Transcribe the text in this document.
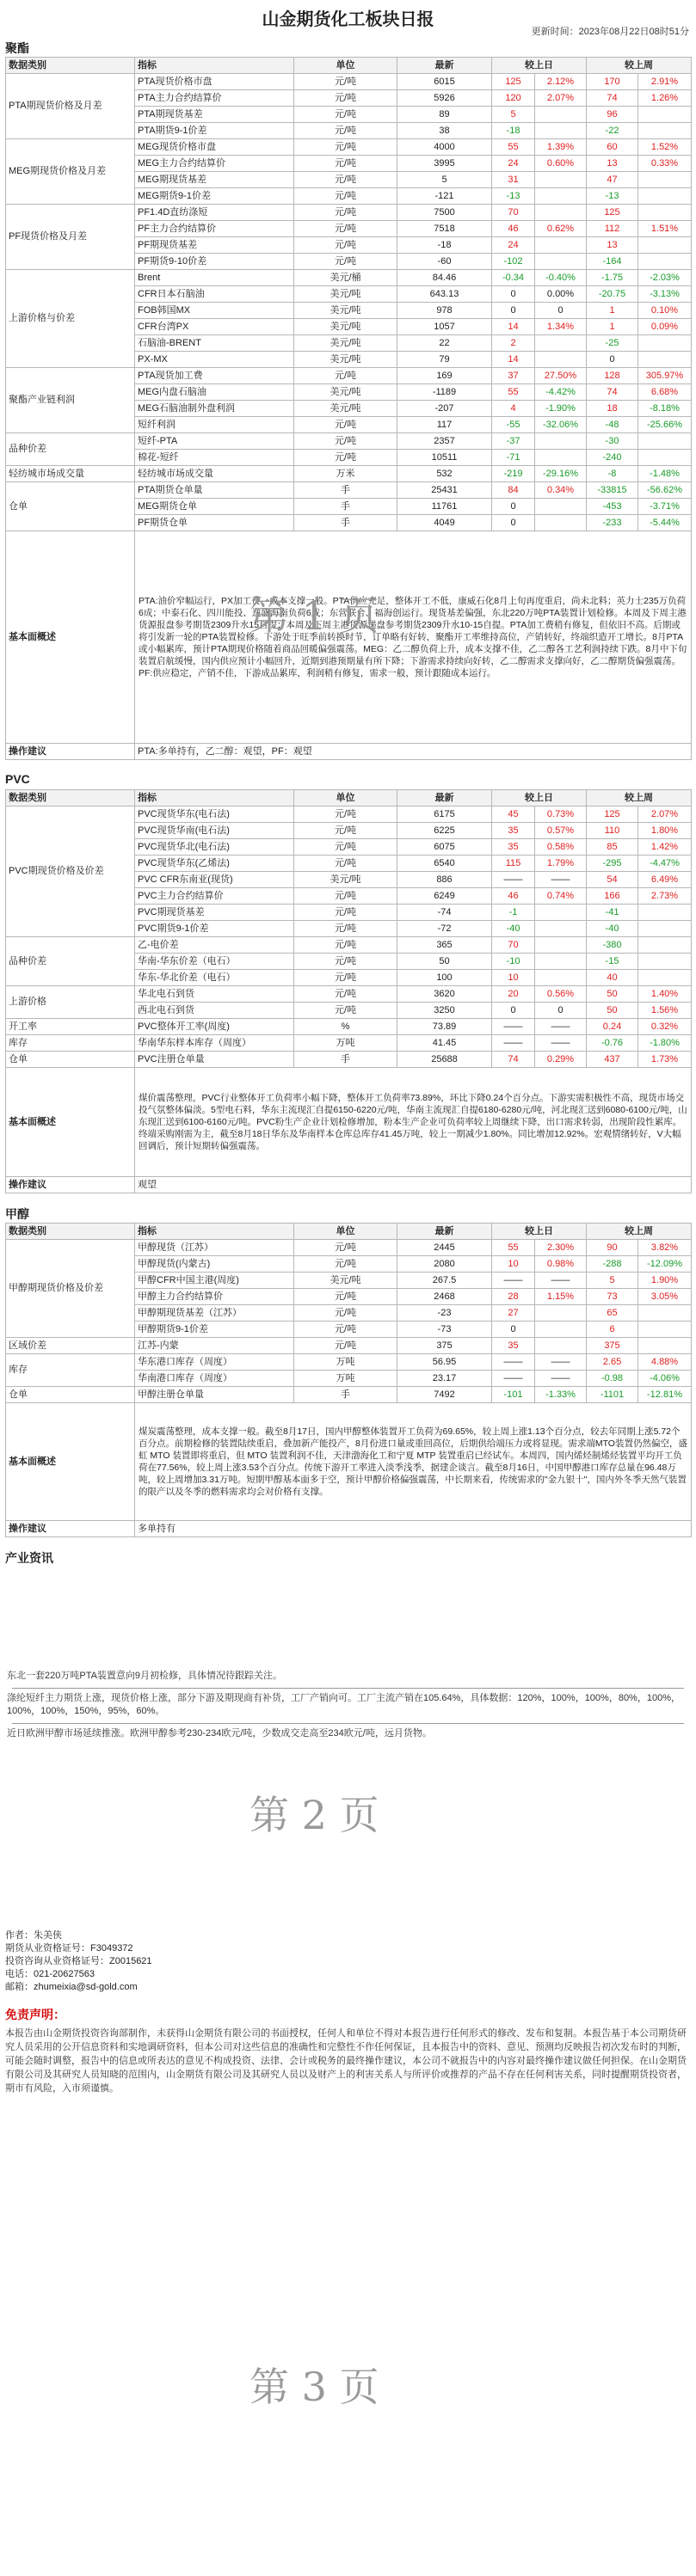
山金期货化工板块日报
更新时间：2023年08月22日08时51分
聚酯
数据类别	指标	单位	最新	较上日		较上周	
PTA期现货价格及月差	PTA现货价格市盘	元/吨	6015	125	2.12%	170	2.91%
	PTA主力合约结算价	元/吨	5926	120	2.07%	74	1.26%
	PTA期现货基差	元/吨	89	5		96	
	PTA期货9-1价差	元/吨	38	-18		-22	
MEG期现货价格及月差	MEG现货价格市盘	元/吨	4000	55	1.39%	60	1.52%
	MEG主力合约结算价	元/吨	3995	24	0.60%	13	0.33%
	MEG期现货基差	元/吨	5	31		47	
	MEG期货9-1价差	元/吨	-121	-13		-13	
PF现货价格及月差	PF1.4D直纺涤短	元/吨	7500	70		125	
	PF主力合约结算价	元/吨	7518	46	0.62%	112	1.51%
	PF期现货基差	元/吨	-18	24		13	
	PF期货9-10价差	元/吨	-60	-102		-164	
上游价格与价差	Brent	美元/桶	84.46	-0.34	-0.40%	-1.75	-2.03%
	CFR日本石脑油	美元/吨	643.13	0	0.00%	-20.75	-3.13%
	FOB韩国MX	美元/吨	978	0	0	1	0.10%
	CFR台湾PX	美元/吨	1057	14	1.34%	1	0.09%
	石脑油-BRENT	美元/吨	22	2		-25	
	PX-MX	美元/吨	79	14		0	
聚酯产业链利润	PTA现货加工费	元/吨	169	37	27.50%	128	305.97%
	MEG内盘石脑油	美元/吨	-1189	55	-4.42%	74	6.68%
	MEG石脑油制外盘利润	美元/吨	-207	4	-1.90%	18	-8.18%
	短纤利润	元/吨	117	-55	-32.06%	-48	-25.66%
品种价差	短纤-PTA	元/吨	2357	-37		-30	
	棉花-短纤	元/吨	10511	-71		-240	
轻纺城市场成交量	轻纺城市场成交量	万米	532	-219	-29.16%	-8	-1.48%
仓单	PTA期货仓单量	手	25431	84	0.34%	-33815	-56.62%
	MEG期货仓单	手	11761	0		-453	-3.71%
	PF期货仓单	手	4049	0		-233	-5.44%
基本面概述	PTA:油价窄幅运行，PX加工费，成本支撑一般。PTA供应充足，整体开工不低，康威石化8月上旬再度重启，尚未北料；英力士235万负荷6成；中泰石化、四川能投、逸盛海南负荷6成；东营联合、福海创运行。现货基差偏强，东北220万吨PTA装置计划检修。本周及下周主港货源报盘参考期货2309升水15自提；本周及下周主港货源递盘参考期货2309升水10-15自提。PTA加工费稍有修复，但依旧不高。后期或将引发新一轮的PTA装置检修。下游处于旺季前转换时节，订单略有好转，聚酯开工率维持高位，产销转好，终端织造开工增长。8月PTA或小幅累库，预计PTA期现价格随着商品回暖偏强震荡。MEG：乙二醇负荷上升，成本支撑不佳，乙二醇各工艺利润持续下跌。8月中下旬装置启航缓慢，国内供应预计小幅回升，近期到港预期量有所下降；下游需求持续向好转，乙二醇需求支撑向好，乙二醇期货偏强震荡。PF:供应稳定，产销不佳，下游成品累库，利润稍有修复，需求一般，预计跟随成本运行。						
操作建议	PTA:多单持有，乙二醇：观望，PF：观望						
PVC
数据类别	指标	单位	最新	较上日		较上周	
PVC期现货价格及价差	PVC现货华东(电石法)	元/吨	6175	45	0.73%	125	2.07%
	PVC现货华南(电石法)	元/吨	6225	35	0.57%	110	1.80%
	PVC现货华北(电石法)	元/吨	6075	35	0.58%	85	1.42%
	PVC现货华东(乙烯法)	元/吨	6540	115	1.79%	-295	-4.47%
	PVC CFR东南亚(现货)	美元/吨	886	——	——	54	6.49%
	PVC主力合约结算价	元/吨	6249	46	0.74%	166	2.73%
	PVC期现货基差	元/吨	-74	-1		-41	
	PVC期货9-1价差	元/吨	-72	-40		-40	
品种价差	乙-电价差	元/吨	365	70		-380	
	华南-华东价差（电石）	元/吨	50	-10		-15	
	华东-华北价差（电石）	元/吨	100	10		40	
上游价格	华北电石到货	元/吨	3620	20	0.56%	50	1.40%
	西北电石到货	元/吨	3250	0	0	50	1.56%
开工率	PVC整体开工率(周度)	%	73.89	——	——	0.24	0.32%
库存	华南华东样本库存（周度）	万吨	41.45	——	——	-0.76	-1.80%
仓单	PVC注册仓单量	手	25688	74	0.29%	437	1.73%
基本面概述	煤价震荡整理，PVC行业整体开工负荷率小幅下降，整体开工负荷率73.89%，环比下降0.24个百分点。下游实需积极性不高，现货市场交投气氛整体偏淡。5型电石料，华东主流现汇自提6150-6220元/吨，华南主流现汇自提6180-6280元/吨，河北现汇送到6080-6100元/吨，山东现汇送到6100-6160元/吨。PVC粉生产企业计划检修增加，粉本生产企业可负荷率较上周继续下降，出口需求转弱，出现阶段性累库。终端采购刚需为主，截至8月18日华东及华南样本仓库总库存41.45万吨，较上一期减少1.80%。同比增加12.92%。宏观情绪转好，V大幅回调后，预计短期转偏强震荡。						
操作建议	观望						
甲醇
数据类别	指标	单位	最新	较上日		较上周	
甲醇期现货价格及价差	甲醇现货（江苏）	元/吨	2445	55	2.30%	90	3.82%
	甲醇现货(内蒙古)	元/吨	2080	10	0.98%	-288	-12.09%
	甲醇CFR中国主港(周度)	美元/吨	267.5	——	——	5	1.90%
	甲醇主力合约结算价	元/吨	2468	28	1.15%	73	3.05%
	甲醇期现货基差（江苏）	元/吨	-23	27		65	
	甲醇期货9-1价差	元/吨	-73	0		6	
区域价差	江苏-内蒙	元/吨	375	35		375	
库存	华东港口库存（周度）	万吨	56.95	——	——	2.65	4.88%
	华南港口库存（周度）	万吨	23.17	——	——	-0.98	-4.06%
仓单	甲醇注册仓单量	手	7492	-101	-1.33%	-1101	-12.81%
基本面概述	煤炭震荡整理，成本支撑一般。截至8月17日，国内甲醇整体装置开工负荷为69.65%，较上周上涨1.13个百分点，较去年同期上涨5.72个百分点。前期检修的装置陆续重启，叠加新产能投产，8月份进口量或重回高位，后期供给端压力或将显现。需求端MTO装置仍然偏空，盛虹 MTO 装置即将重启，但 MTO 装置利润不佳，天津渤海化工和宁夏 MTP 装置重启已经试车。本周四，国内烯烃制烯烃装置平均开工负荷在77.56%，较上周上涨3.53个百分点。传统下游开工率进入淡季浅季，据建企谈言。截至8月16日，中国甲醇港口库存总量在96.48万吨，较上周增加3.31万吨。短期甲醇基本面多于空，预计甲醇价格偏强震荡，中长期来看，传统需求的"金九银十"，国内外冬季天然气装置的限产以及冬季的燃料需求均会对价格有支撑。						
操作建议	多单持有						
产业资讯

东北一套220万吨PTA装置意向9月初检修，具体情况待跟踪关注。

涤纶短纤主力期货上涨，现货价格上涨，部分下游及期现商有补货，工厂产销向可。工厂主流产销在105.64%，具体数据：120%，100%，100%，80%，100%，100%，100%，150%，95%，60%。

近日欧洲甲醇市场延续推涨。欧洲甲醇参考230-234欧元/吨，少数成交走高至234欧元/吨，远月货物。

作者：朱美侠
期货从业资格证号：F3049372
投资咨询从业资格证号：Z0015621
电话：021-20627563
邮箱：zhumeixia@sd-gold.com
免责声明：
本报告由山金期货投资咨询部制作，未获得山金期货有限公司的书面授权，任何人和单位不得对本报告进行任何形式的修改、发布和复制。本报告基于本公司期货研究人员采用的公开信息资料和实地调研资料，但本公司对这些信息的准确性和完整性不作任何保证，且本报告中的资料、意见、预测均反映报告初次发布时的判断，可能会随时调整，报告中的信息或所表达的意见不构成投资、法律、会计或税务的最终操作建议，本公司不就报告中的内容对最终操作建议做任何担保。在山金期货有限公司及其研究人员知晓的范围内，山金期货有限公司及其研究人员以及财产上的利害关系人与所评价或推荐的产品不存在任何利害关系，同时提醒期货投资者，期市有风险，入市须谨慎。
第 1 页
第 2 页
第 3 页
